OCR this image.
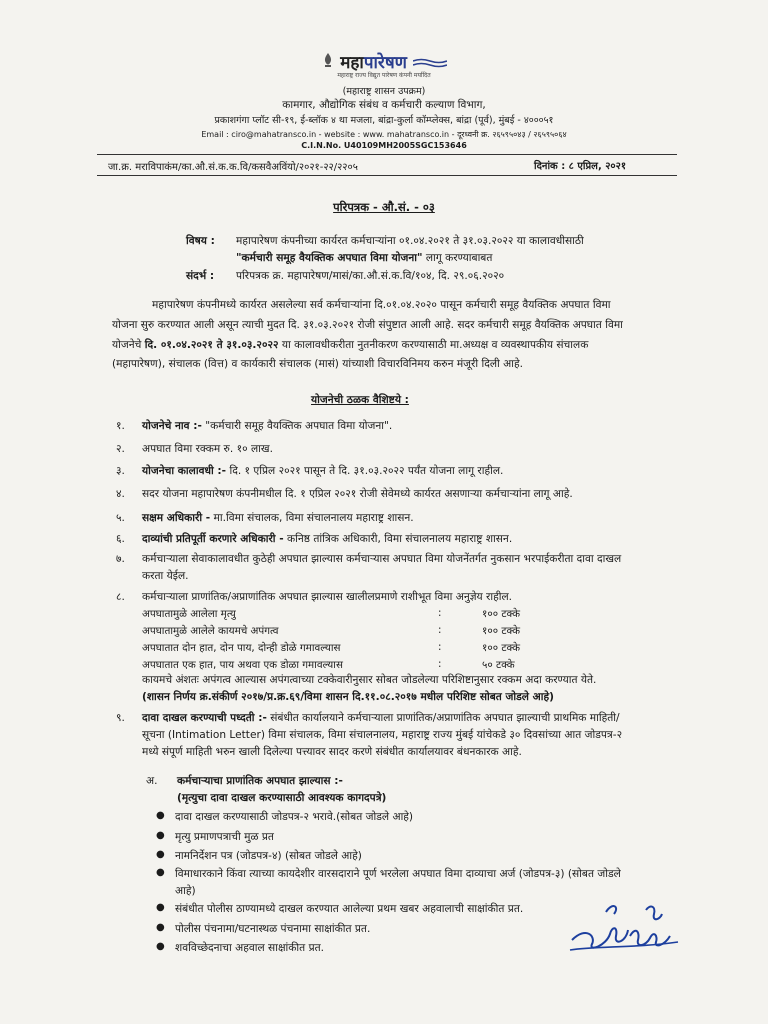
महापारेषण
महाराष्ट्र राज्य विद्युत पारेषण कंपनी मर्यादित
(महाराष्ट्र शासन उपक्रम)
कामगार, औद्योगिक संबंध व कर्मचारी कल्याण विभाग,
प्रकाशगंगा प्लॉट सी-१९, ई-ब्लॉक ४ था मजला, बांद्रा-कुर्ला कॉम्प्लेक्स, बांद्रा (पूर्व), मुंबई - ४०००५१
Email : ciro@mahatransco.in - website : www. mahatransco.in - दूरध्वनी क्र. २६५९५०४३ / २६५९५०६४
C.I.N.No. U40109MH2005SGC153646
जा.क्र. मराविपाकंम/का.औ.सं.क.क.वि/कसवैअविंयो/२०२१-२२/२२०५	दिनांक : ८ एप्रिल, २०२१
परिपत्रक - औ.सं. - ०३
विषय : महापारेषण कंपनीच्या कार्यरत कर्मचाऱ्यांना ०१.०४.२०२१ ते ३१.०३.२०२२ या कालावधीसाठी
"कर्मचारी समूह वैयक्तिक अपघात विमा योजना" लागू करण्याबाबत
संदर्भ : परिपत्रक क्र. महापारेषण/मासं/का.औ.सं.क.वि/१०४, दि. २९.०६.२०२०
महापारेषण कंपनीमध्ये कार्यरत असलेल्या सर्व कर्मचाऱ्यांना दि.०१.०४.२०२० पासून कर्मचारी समूह वैयक्तिक अपघात विमा
योजना सुरु करण्यात आली असून त्याची मुदत दि. ३१.०३.२०२१ रोजी संपुष्टात आली आहे. सदर कर्मचारी समूह वैयक्तिक अपघात विमा
योजनेचे दि. ०१.०४.२०२१ ते ३१.०३.२०२२ या कालावधीकरीता नुतनीकरण करण्यासाठी मा.अध्यक्ष व व्यवस्थापकीय संचालक
(महापारेषण), संचालक (वित्त) व कार्यकारी संचालक (मासं) यांच्याशी विचारविनिमय करुन मंजूरी दिली आहे.
योजनेची ठळक वैशिष्टये :
१. योजनेचे नाव :- "कर्मचारी समूह वैयक्तिक अपघात विमा योजना".
२. अपघात विमा रक्कम रु. १० लाख.
३. योजनेचा कालावधी :- दि. १ एप्रिल २०२१ पासून ते दि. ३१.०३.२०२२ पर्यंत योजना लागू राहील.
४. सदर योजना महापारेषण कंपनीमधील दि. १ एप्रिल २०२१ रोजी सेवेमध्ये कार्यरत असणाऱ्या कर्मचाऱ्यांना लागू आहे.
५. सक्षम अधिकारी - मा.विमा संचालक, विमा संचालनालय महाराष्ट्र शासन.
६. दाव्यांची प्रतिपूर्ती करणारे अधिकारी - कनिष्ठ तांत्रिक अधिकारी, विमा संचालनालय महाराष्ट्र शासन.
७. कर्मचाऱ्याला सेवाकालावधीत कुठेही अपघात झाल्यास कर्मचाऱ्यास अपघात विमा योजनेंतर्गत नुकसान भरपाईकरीता दावा दाखल
करता येईल.
८. कर्मचाऱ्याला प्राणांतिक/अप्राणांतिक अपघात झाल्यास खालीलप्रमाणे राशीभूत विमा अनुज्ञेय राहील.
अपघातामुळे आलेला मृत्यु	:	१०० टक्के
अपघातामुळे आलेले कायमचे अपंगत्व	:	१०० टक्के
अपघातात दोन हात, दोन पाय, दोन्ही डोळे गमावल्यास	:	१०० टक्के
अपघातात एक हात, पाय अथवा एक डोळा गमावल्यास	:	५० टक्के
कायमचे अंशतः अपंगत्व आल्यास अपंगत्वाच्या टक्केवारीनुसार सोबत जोडलेल्या परिशिष्टानुसार रक्कम अदा करण्यात येते.
(शासन निर्णय क्र.संकीर्ण २०१७/प्र.क्र.६९/विमा शासन दि.११.०८.२०१७ मधील परिशिष्ट सोबत जोडले आहे)
९. दावा दाखल करण्याची पध्दती :- संबंधीत कार्यालयाने कर्मचाऱ्याला प्राणांतिक/अप्राणांतिक अपघात झाल्याची प्राथमिक माहिती/
सूचना (Intimation Letter) विमा संचालक, विमा संचालनालय, महाराष्ट्र राज्य मुंबई यांचेकडे ३० दिवसांच्या आत जोडपत्र-२
मध्ये संपूर्ण माहिती भरुन खाली दिलेल्या पत्त्यावर सादर करणे संबंधीत कार्यालयावर बंधनकारक आहे.
अ. कर्मचाऱ्याचा प्राणांतिक अपघात झाल्यास :-
(मृत्युचा दावा दाखल करण्यासाठी आवश्यक कागदपत्रे)
● दावा दाखल करण्यासाठी जोडपत्र-२ भरावे.(सोबत जोडले आहे)
● मृत्यु प्रमाणपत्राची मुळ प्रत
● नामनिर्देशन पत्र (जोडपत्र-४) (सोबत जोडले आहे)
● विमाधारकाने किंवा त्याच्या कायदेशीर वारसदाराने पूर्ण भरलेला अपघात विमा दाव्याचा अर्ज (जोडपत्र-३) (सोबत जोडले
आहे)
● संबंधीत पोलीस ठाण्यामध्ये दाखल करण्यात आलेल्या प्रथम खबर अहवालाची साक्षांकीत प्रत.
● पोलीस पंचनामा/घटनास्थळ पंचनामा साक्षांकीत प्रत.
● शवविच्छेदनाचा अहवाल साक्षांकीत प्रत.
